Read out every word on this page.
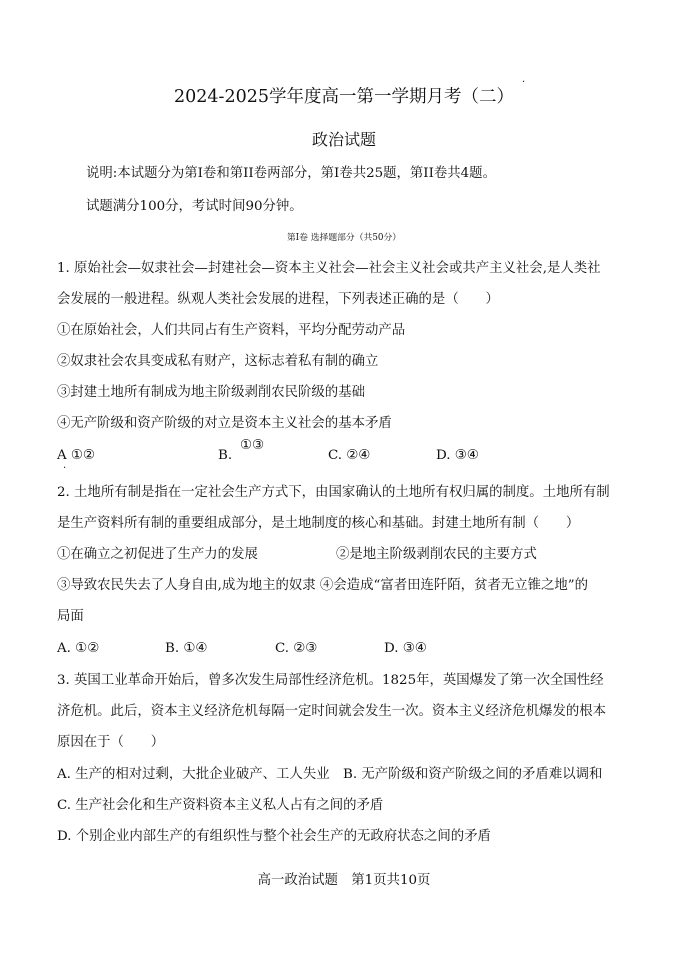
2024-2025学年度高一第一学期月考（二）
·
政治试题
说明:本试题分为第I卷和第II卷两部分，第I卷共25题，第II卷共4题。
试题满分100分，考试时间90分钟。
第I卷 选择题部分（共50分）
1. 原始社会—奴隶社会—封建社会—资本主义社会—社会主义社会或共产主义社会,是人类社
会发展的一般进程。纵观人类社会发展的进程，下列表述正确的是（　　）
①在原始社会，人们共同占有生产资料，平均分配劳动产品
②奴隶社会农具变成私有财产，这标志着私有制的确立
③封建土地所有制成为地主阶级剥削农民阶级的基础
④无产阶级和资产阶级的对立是资本主义社会的基本矛盾
A ①②
·
B.
①③
C. ②④	D. ③④
2. 土地所有制是指在一定社会生产方式下，由国家确认的土地所有权归属的制度。土地所有制
是生产资料所有制的重要组成部分，是土地制度的核心和基础。封建土地所有制（　　）
①在确立之初促进了生产力的发展	②是地主阶级剥削农民的主要方式
③导致农民失去了人身自由,成为地主的奴隶 ④会造成“富者田连阡陌，贫者无立锥之地”的
局面
A. ①②	B. ①④	C. ②③	D. ③④
3. 英国工业革命开始后，曾多次发生局部性经济危机。1825年，英国爆发了第一次全国性经
济危机。此后，资本主义经济危机每隔一定时间就会发生一次。资本主义经济危机爆发的根本
原因在于（　　）
A. 生产的相对过剩，大批企业破产、工人失业　B. 无产阶级和资产阶级之间的矛盾难以调和
C. 生产社会化和生产资料资本主义私人占有之间的矛盾
D. 个别企业内部生产的有组织性与整个社会生产的无政府状态之间的矛盾
高一政治试题　第1页共10页
